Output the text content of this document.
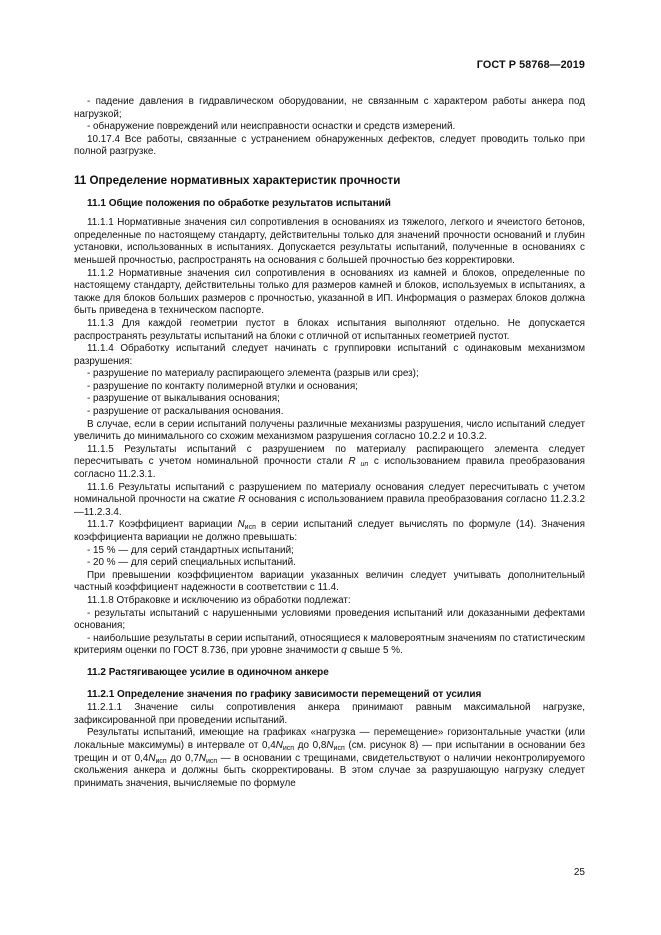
ГОСТ Р 58768—2019

- падение давления в гидравлическом оборудовании, не связанным с характером работы анкера под нагрузкой;

- обнаружение повреждений или неисправности оснастки и средств измерений.

10.17.4 Все работы, связанные с устранением обнаруженных дефектов, следует проводить только при полной разгрузке.

11 Определение нормативных характеристик прочности

11.1 Общие положения по обработке результатов испытаний

11.1.1 Нормативные значения сил сопротивления в основаниях из тяжелого, легкого и ячеистого бетонов, определенные по настоящему стандарту, действительны только для значений прочности оснований и глубин установки, использованных в испытаниях. Допускается результаты испытаний, полученные в основаниях с меньшей прочностью, распространять на основания с большей прочностью без корректировки.

11.1.2 Нормативные значения сил сопротивления в основаниях из камней и блоков, определенные по настоящему стандарту, действительны только для размеров камней и блоков, используемых в испытаниях, а также для блоков больших размеров с прочностью, указанной в ИП. Информация о размерах блоков должна быть приведена в техническом паспорте.

11.1.3 Для каждой геометрии пустот в блоках испытания выполняют отдельно. Не допускается распространять результаты испытаний на блоки с отличной от испытанных геометрией пустот.

11.1.4 Обработку испытаний следует начинать с группировки испытаний с одинаковым механизмом разрушения:

- разрушение по материалу распирающего элемента (разрыв или срез);

- разрушение по контакту полимерной втулки и основания;

- разрушение от выкалывания основания;

- разрушение от раскалывания основания.

В случае, если в серии испытаний получены различные механизмы разрушения, число испытаний следует увеличить до минимального со схожим механизмом разрушения согласно 10.2.2 и 10.3.2.

11.1.5 Результаты испытаний с разрушением по материалу распирающего элемента следует пересчитывать с учетом номинальной прочности стали R $_{un}$ с использованием правила преобразования согласно 11.2.3.1.

11.1.6 Результаты испытаний с разрушением по материалу основания следует пересчитывать с учетом номинальной прочности на сжатие R основания с использованием правила преобразования согласно 11.2.3.2—11.2.3.4.

11.1.7 Коэффициент вариации $N_{исп}$ в серии испытаний следует вычислять по формуле (14). Значения коэффициента вариации не должно превышать:

- 15 % — для серий стандартных испытаний;

- 20 % — для серий специальных испытаний.

При превышении коэффициентом вариации указанных величин следует учитывать дополнительный частный коэффициент надежности в соответствии с 11.4.

11.1.8 Отбраковке и исключению из обработки подлежат:

- результаты испытаний с нарушенными условиями проведения испытаний или доказанными дефектами основания;

- наибольшие результаты в серии испытаний, относящиеся к маловероятным значениям по статистическим критериям оценки по ГОСТ 8.736, при уровне значимости q свыше 5 %.

11.2 Растягивающее усилие в одиночном анкере

11.2.1 Определение значения по графику зависимости перемещений от усилия

11.2.1.1 Значение силы сопротивления анкера принимают равным максимальной нагрузке, зафиксированной при проведении испытаний.

Результаты испытаний, имеющие на графиках «нагрузка — перемещение» горизонтальные участки (или локальные максимумы) в интервале от $0,4N_{исп}$ до $0,8N_{исп}$ (см. рисунок 8) — при испытании в основании без трещин и от $0,4N_{исп}$ до $0,7N_{исп}$ — в основании с трещинами, свидетельствуют о наличии неконтролируемого скольжения анкера и должны быть скорректированы. В этом случае за разрушающую нагрузку следует принимать значения, вычисляемые по формуле

25
